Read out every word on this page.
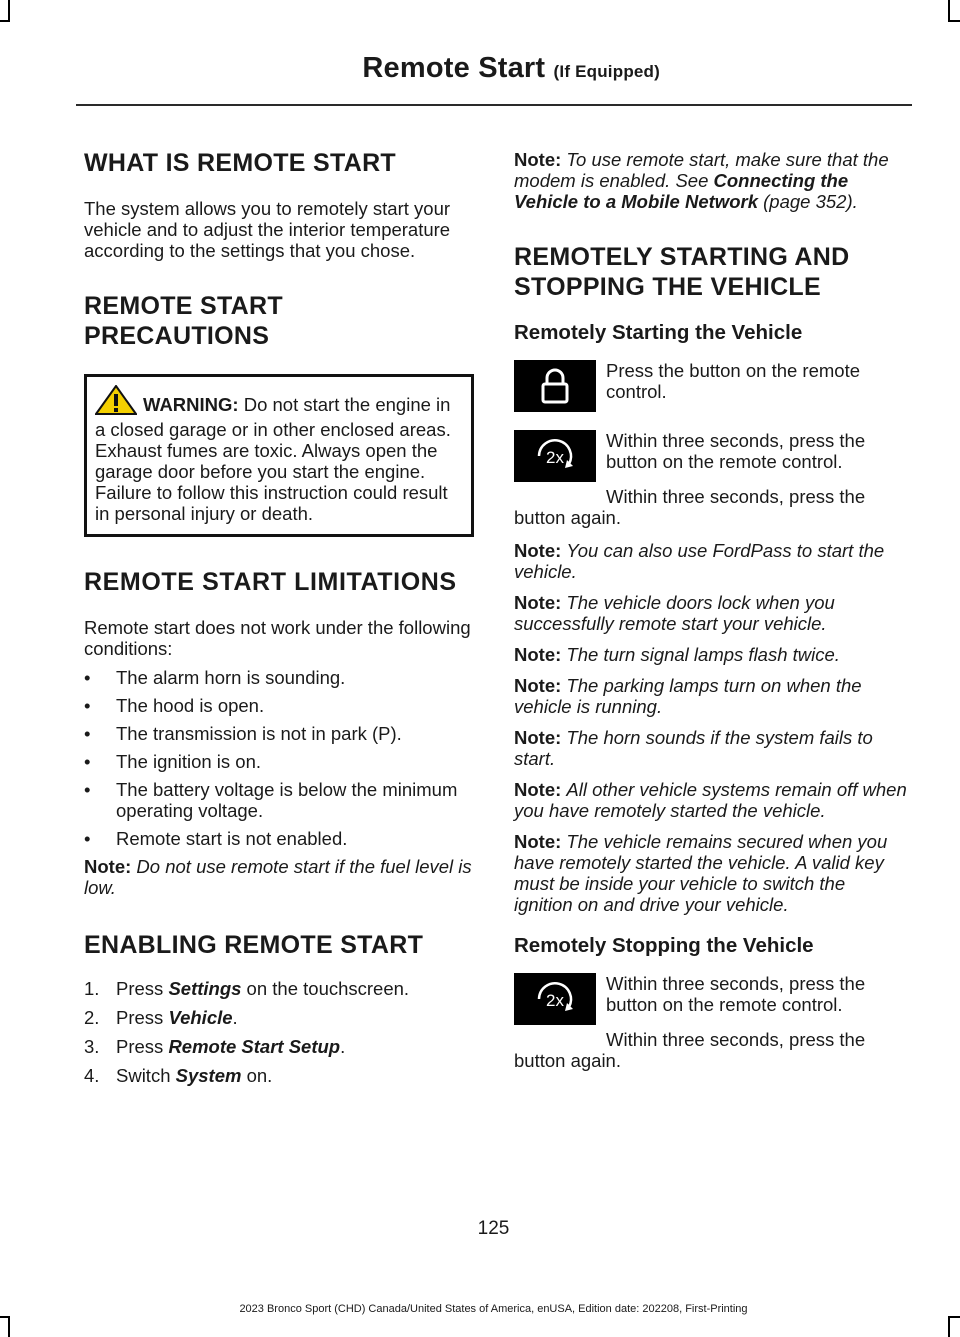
Remote Start (If Equipped)
WHAT IS REMOTE START

The system allows you to remotely start your vehicle and to adjust the interior temperature according to the settings that you chose.

REMOTE START
PRECAUTIONS
WARNING: Do not start the engine in a closed garage or in other enclosed areas. Exhaust fumes are toxic. Always open the garage door before you start the engine. Failure to follow this instruction could result in personal injury or death.
REMOTE START LIMITATIONS

Remote start does not work under the following conditions:

• The alarm horn is sounding.
• The hood is open.
• The transmission is not in park (P).
• The ignition is on.
• The battery voltage is below the minimum operating voltage.
• Remote start is not enabled.

Note: Do not use remote start if the fuel level is low.

ENABLING REMOTE START
1. Press Settings on the touchscreen.
2. Press Vehicle.
3. Press Remote Start Setup.
4. Switch System on.

Note: To use remote start, make sure that the modem is enabled. See Connecting the Vehicle to a Mobile Network (page 352).

REMOTELY STARTING AND
STOPPING THE VEHICLE
Remotely Starting the Vehicle

Press the button on the remote control.

2x

Within three seconds, press the button on the remote control.

Within three seconds, press the button again.

Note: You can also use FordPass to start the vehicle.

Note: The vehicle doors lock when you successfully remote start your vehicle.

Note: The turn signal lamps flash twice.

Note: The parking lamps turn on when the vehicle is running.

Note: The horn sounds if the system fails to start.

Note: All other vehicle systems remain off when you have remotely started the vehicle.

Note: The vehicle remains secured when you have remotely started the vehicle. A valid key must be inside your vehicle to switch the ignition on and drive your vehicle.

Remotely Stopping the Vehicle
2x

Within three seconds, press the button on the remote control.

Within three seconds, press the button again.

125
2023 Bronco Sport (CHD) Canada/United States of America, enUSA, Edition date: 202208, First-Printing
